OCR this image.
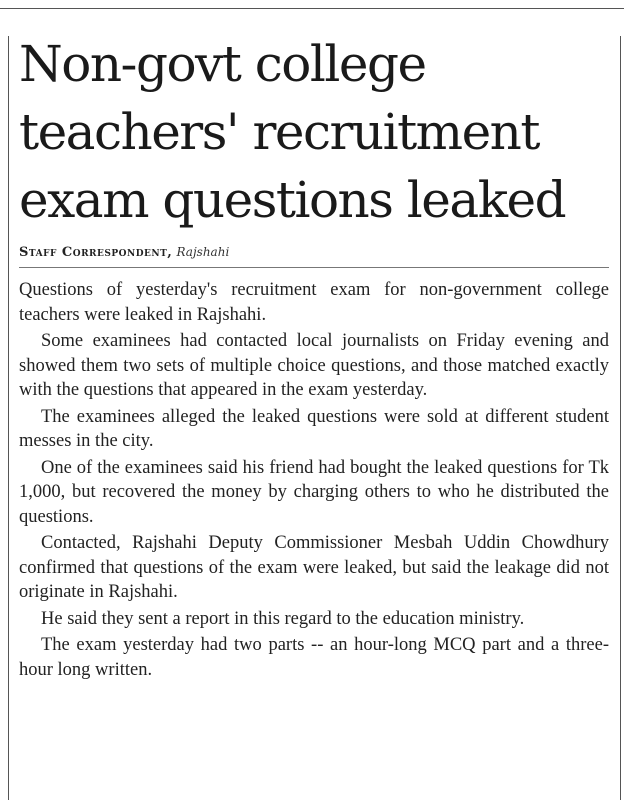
Non-govt college
teachers' recruitment
exam questions leaked
Staff Correspondent, Rajshahi

Questions of yesterday's recruitment exam for non-government college teachers were leaked in Rajshahi.

Some examinees had contacted local journalists on Friday evening and showed them two sets of multiple choice questions, and those matched exactly with the questions that appeared in the exam yesterday.

The examinees alleged the leaked questions were sold at different student messes in the city.

One of the examinees said his friend had bought the leaked questions for Tk 1,000, but recovered the money by charging others to who he distributed the questions.

Contacted, Rajshahi Deputy Commissioner Mesbah Uddin Chowdhury confirmed that questions of the exam were leaked, but said the leakage did not originate in Rajshahi.

He said they sent a report in this regard to the education ministry.

The exam yesterday had two parts -- an hour-long MCQ part and a three-hour long written.
